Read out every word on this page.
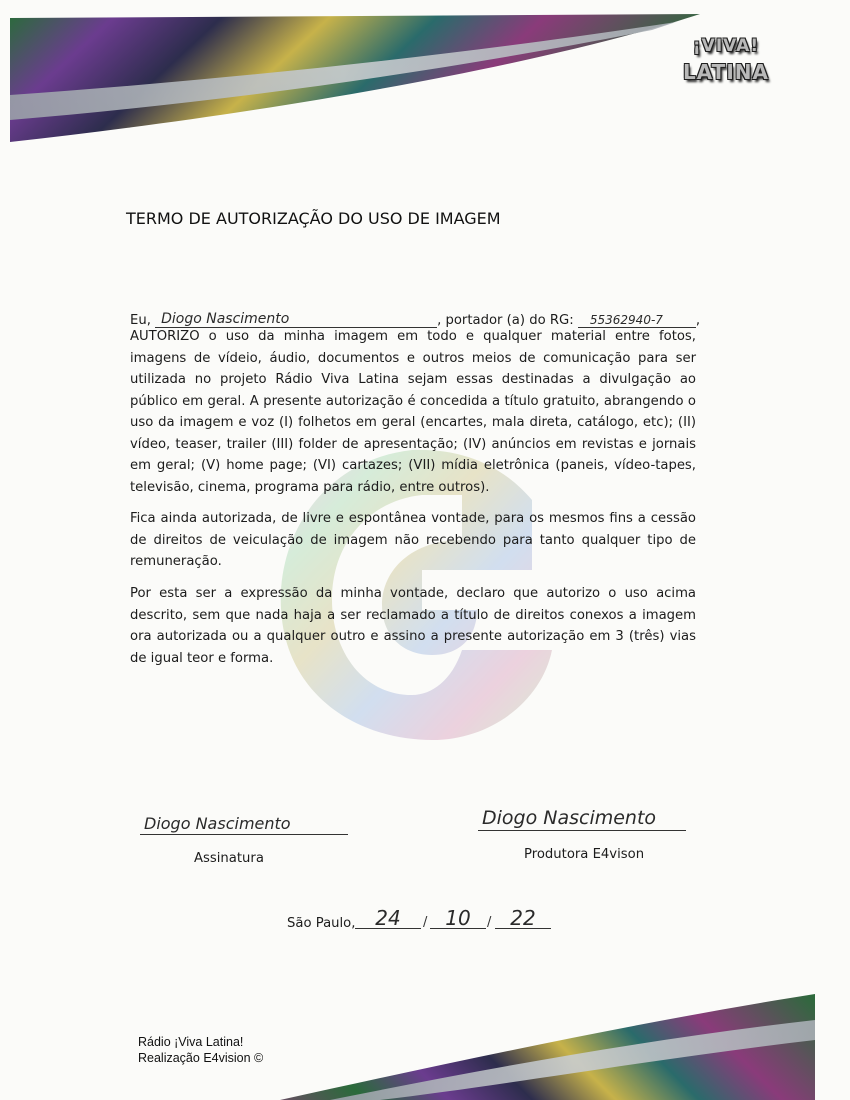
¡VIVA!
LATINA
TERMO DE AUTORIZAÇÃO DO USO DE IMAGEM
Eu, Diogo Nascimento	, portador (a) do RG: 55362940-7 ,
AUTORIZO o uso da minha imagem em todo e qualquer material entre fotos, imagens de vídeio, áudio, documentos e outros meios de comunicação para ser utilizada no projeto Rádio Viva Latina sejam essas destinadas a divulgação ao público em geral. A presente autorização é concedida a título gratuito, abrangendo o uso da imagem e voz (I) folhetos em geral (encartes, mala direta, catálogo, etc); (II) vídeo, teaser, trailer (III) folder de apresentação; (IV) anúncios em revistas e jornais em geral; (V) home page; (VI) cartazes; (VII) mídia eletrônica (paneis, vídeo-tapes, televisão, cinema, programa para rádio, entre outros).
Fica ainda autorizada, de livre e espontânea vontade, para os mesmos fins a cessão de direitos de veiculação de imagem não recebendo para tanto qualquer tipo de remuneração.
Por esta ser a expressão da minha vontade, declaro que autorizo o uso acima descrito, sem que nada haja a ser reclamado a título de direitos conexos a imagem ora autorizada ou a qualquer outro e assino a presente autorização em 3 (três) vias de igual teor e forma.
Diogo Nascimento
Assinatura
Diogo Nascimento
Produtora E4vison
São Paulo, 24	/ 10	/ 22
Rádio ¡Viva Latina!
Realização E4vision ©
